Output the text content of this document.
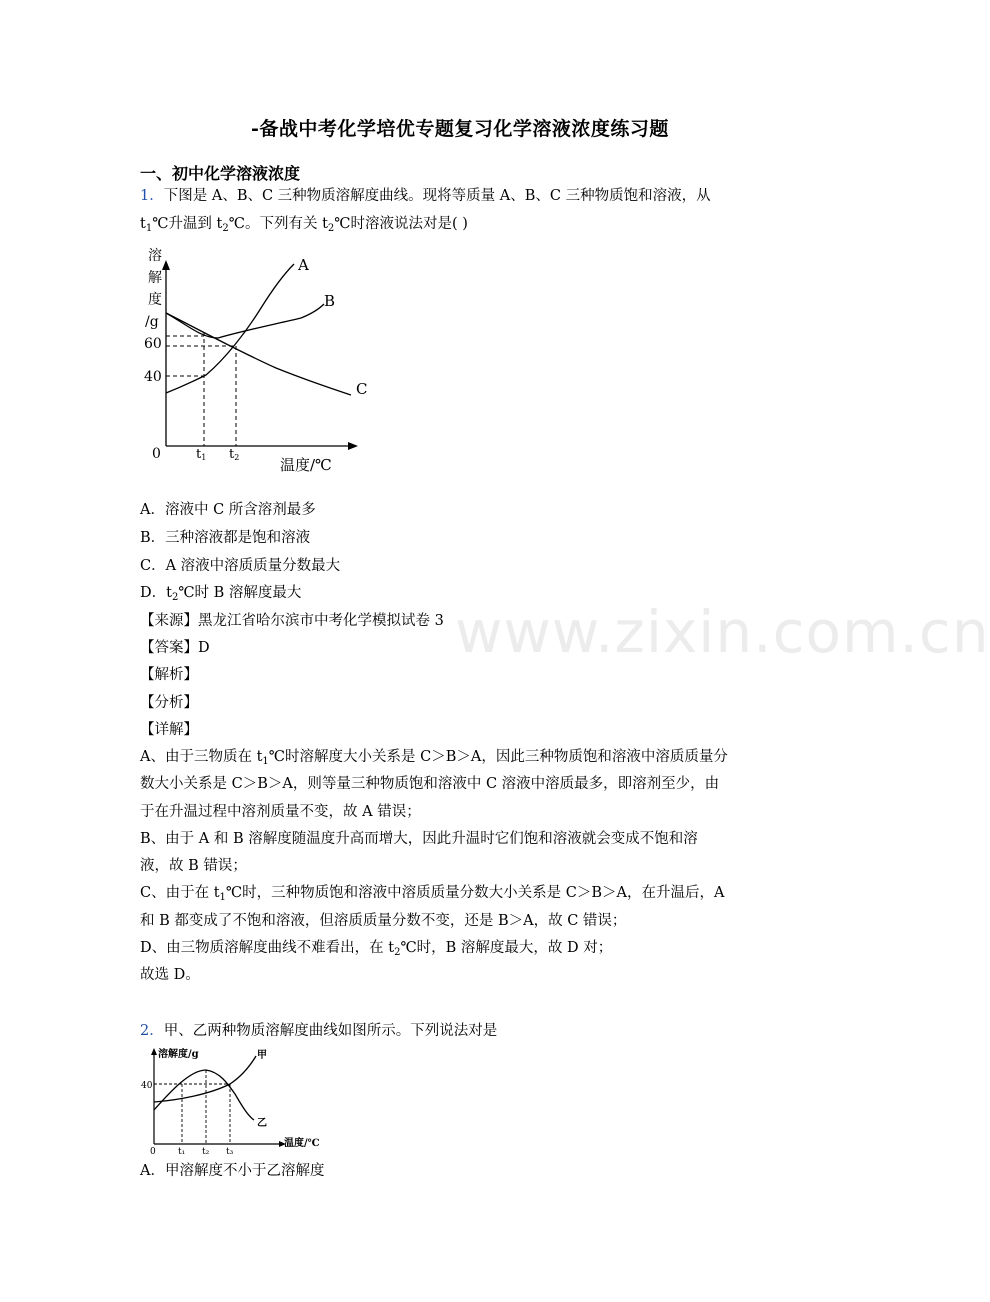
-备战中考化学培优专题复习化学溶液浓度练习题
一、初中化学溶液浓度
1．下图是 A、B、C 三种物质溶解度曲线。现将等质量 A、B、C 三种物质饱和溶液，从
$t_1℃$升温到 $t_2℃$。下列有关 $t_2℃$时溶液说法对是( )
溶
解
度
/g
60
40
0	t1 t2	温度/℃
A
B
C
A．溶液中 C 所含溶剂最多
B．三种溶液都是饱和溶液
C．A 溶液中溶质质量分数最大
D．$t_2℃$时 B 溶解度最大
【来源】黑龙江省哈尔滨市中考化学模拟试卷 3
【答案】D
【解析】
【分析】
【详解】
A、由于三物质在 $t_1℃$时溶解度大小关系是 C＞B＞A，因此三种物质饱和溶液中溶质质量分
数大小关系是 C＞B＞A，则等量三种物质饱和溶液中 C 溶液中溶质最多，即溶剂至少，由
于在升温过程中溶剂质量不变，故 A 错误；
B、由于 A 和 B 溶解度随温度升高而增大，因此升温时它们饱和溶液就会变成不饱和溶
液，故 B 错误；
C、由于在 $t_1℃$时，三种物质饱和溶液中溶质质量分数大小关系是 C＞B＞A，在升温后，A
和 B 都变成了不饱和溶液，但溶质质量分数不变，还是 B＞A，故 C 错误；
D、由三物质溶解度曲线不难看出，在 $t_2℃$时，B 溶解度最大，故 D 对；
故选 D。
2．甲、乙两种物质溶解度曲线如图所示。下列说法对是
溶解度/g
40
0 t₁ t₂ t₃
温度/℃
甲
乙
A．甲溶解度不小于乙溶解度
www.zixin.com.cn
